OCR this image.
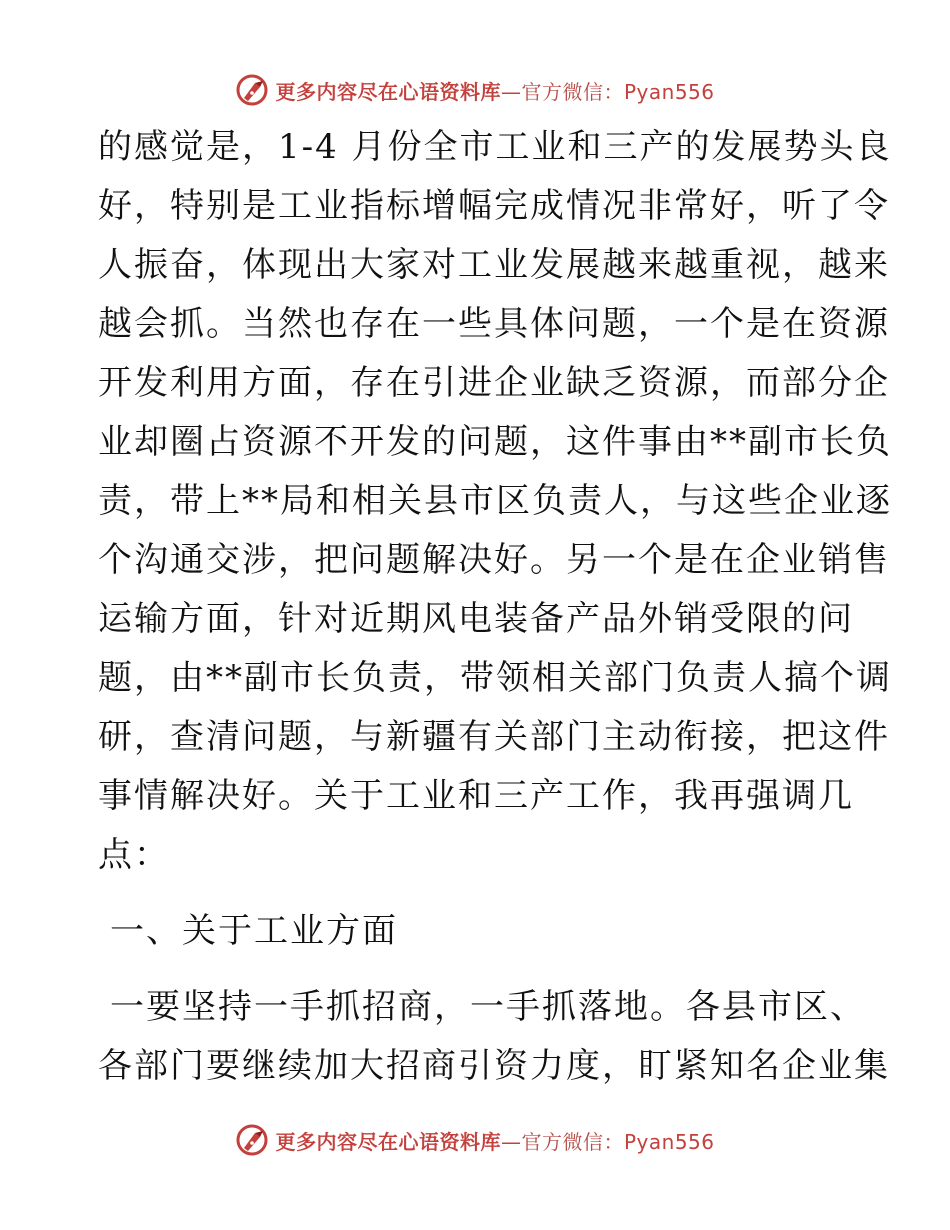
更多内容尽在心语资料库—官方微信：Pyan556
的感觉是，1-4 月份全市工业和三产的发展势头良
好，特别是工业指标增幅完成情况非常好，听了令
人振奋，体现出大家对工业发展越来越重视，越来
越会抓。当然也存在一些具体问题，一个是在资源
开发利用方面，存在引进企业缺乏资源，而部分企
业却圈占资源不开发的问题，这件事由**副市长负
责，带上**局和相关县市区负责人，与这些企业逐
个沟通交涉，把问题解决好。另一个是在企业销售
运输方面，针对近期风电装备产品外销受限的问
题，由**副市长负责，带领相关部门负责人搞个调
研，查清问题，与新疆有关部门主动衔接，把这件
事情解决好。关于工业和三产工作，我再强调几
点：
一、关于工业方面
一要坚持一手抓招商，一手抓落地。各县市区、
各部门要继续加大招商引资力度，盯紧知名企业集
更多内容尽在心语资料库—官方微信：Pyan556
